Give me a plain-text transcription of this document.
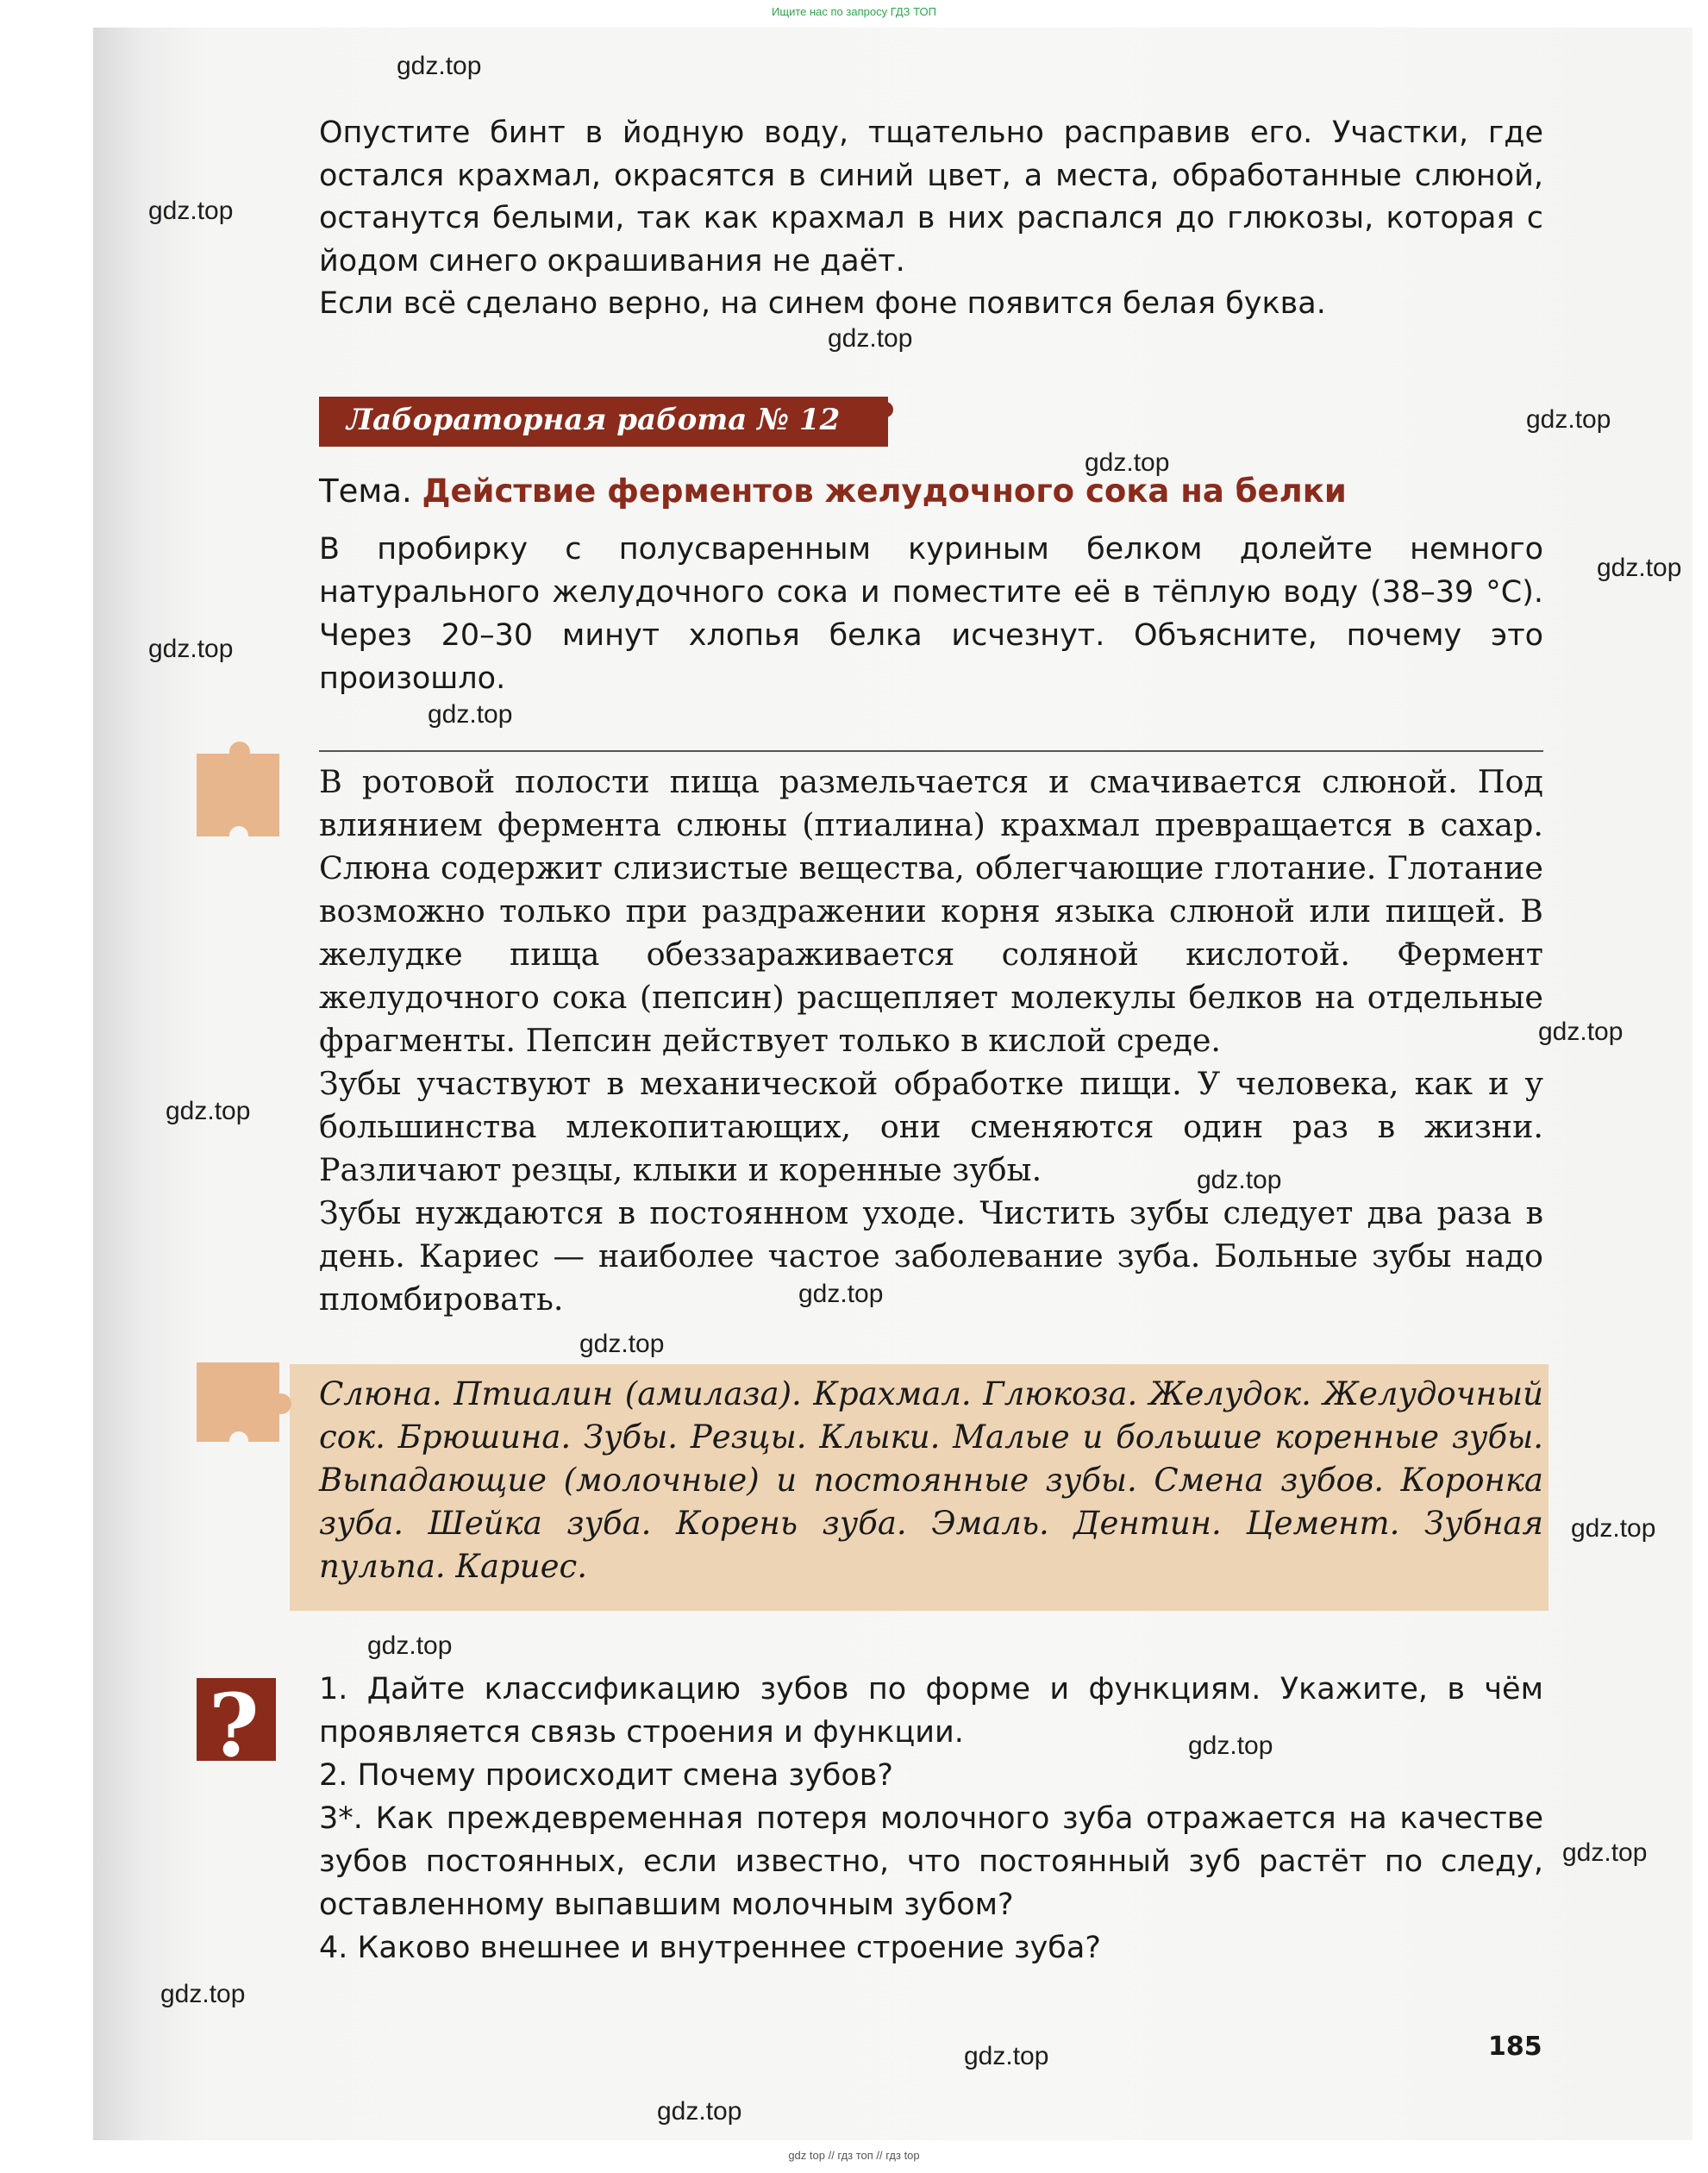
Ищите нас по запросу ГДЗ ТОП
Опустите бинт в йодную воду, тщательно расправив его. Участки, где остался крахмал, окрасятся в синий цвет, а места, обработанные слюной, останутся белыми, так как крахмал в них распался до глюкозы, которая с йодом синего окрашивания не даёт.
Если всё сделано верно, на синем фоне появится белая буква.
Лабораторная работа № 12

Тема. Действие ферментов желудочного сока на белки

В пробирку с полусваренным куриным белком долейте немного натурального желудочного сока и поместите её в тёплую воду (38–39 °С). Через 20–30 минут хлопья белка исчезнут. Объясните, почему это произошло.

В ротовой полости пища размельчается и смачивается слюной. Под влиянием фермента слюны (птиалина) крахмал превращается в сахар. Слюна содержит слизистые вещества, облегчающие глотание. Глотание возможно только при раздражении корня языка слюной или пищей. В желудке пища обеззараживается соляной кислотой. Фермент желудочного сока (пепсин) расщепляет молекулы белков на отдельные фрагменты. Пепсин действует только в кислой среде.

Зубы участвуют в механической обработке пищи. У человека, как и у большинства млекопитающих, они сменяются один раз в жизни. Различают резцы, клыки и коренные зубы.

Зубы нуждаются в постоянном уходе. Чистить зубы следует два раза в день. Кариес — наиболее частое заболевание зуба. Больные зубы надо пломбировать.

Слюна. Птиалин (амилаза). Крахмал. Глюкоза. Желудок. Желудочный сок. Брюшина. Зубы. Резцы. Клыки. Малые и большие коренные зубы. Выпадающие (молочные) и постоянные зубы. Смена зубов. Коронка зуба. Шейка зуба. Корень зуба. Эмаль. Дентин. Цемент. Зубная пульпа. Кариес.

? 1. Дайте классификацию зубов по форме и функциям. Укажите, в чём проявляется связь строения и функции.

2. Почему происходит смена зубов?

3*. Как преждевременная потеря молочного зуба отражается на качестве зубов постоянных, если известно, что постоянный зуб растёт по следу, оставленному выпавшим молочным зубом?

4. Каково внешнее и внутреннее строение зуба?

185
gdz.top
gdz.top
gdz.top
gdz.top
gdz.top
gdz.top
gdz.top
gdz.top
gdz.top
gdz.top
gdz.top
gdz.top
gdz.top
gdz.top
gdz.top
gdz.top
gdz.top
gdz.top
gdz.top
gdz.top
gdz top // гдз топ // гдз top
